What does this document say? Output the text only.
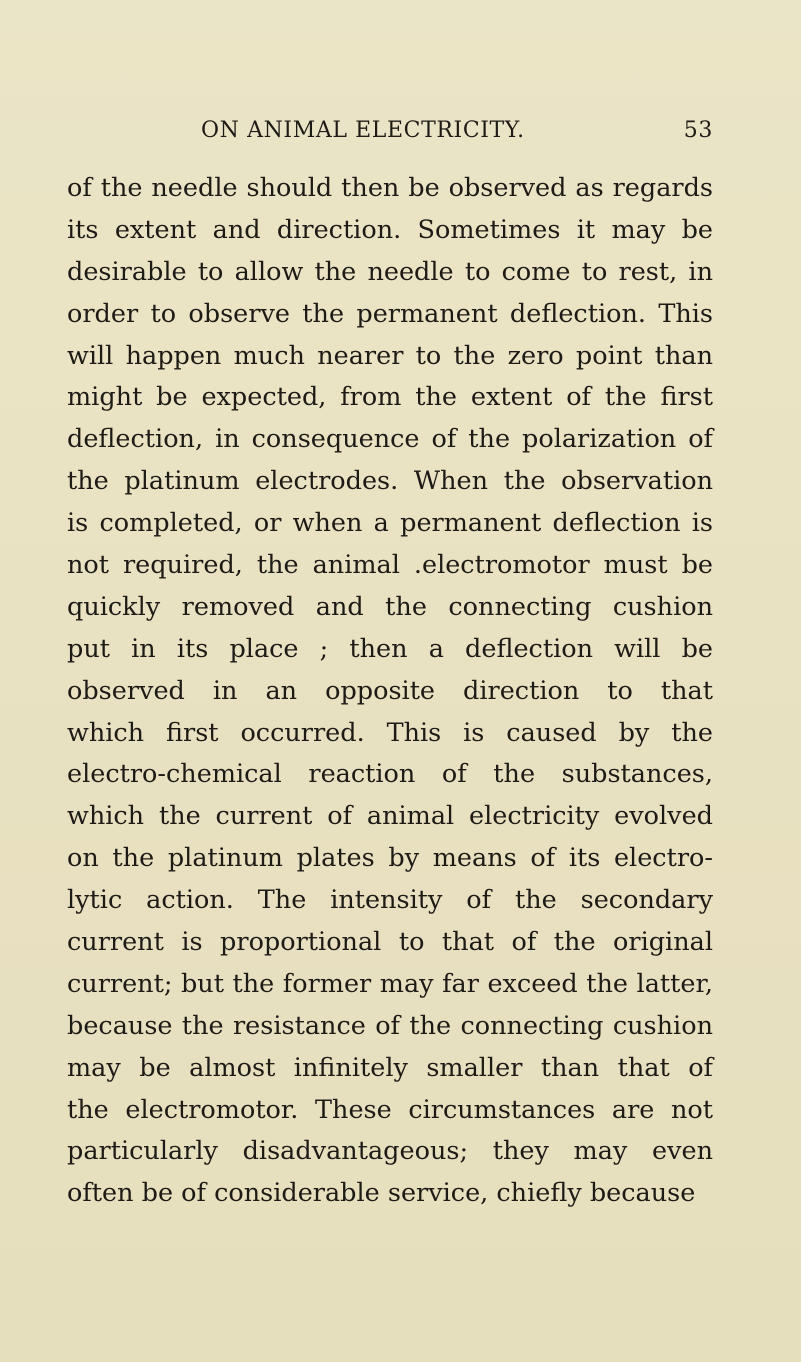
ON ANIMAL ELECTRICITY.	53
of the needle should then be observed as regards
its extent and direction. Sometimes it may be
desirable to allow the needle to come to rest, in
order to observe the permanent deflection. This
will happen much nearer to the zero point than
might be expected, from the extent of the first
deflection, in consequence of the polarization of
the platinum electrodes. When the observation
is completed, or when a permanent deflection is
not required, the animal .electromotor must be
quickly removed and the connecting cushion
put in its place ; then a deflection will be
observed in an opposite direction to that
which first occurred. This is caused by the
electro-chemical reaction of the substances,
which the current of animal electricity evolved
on the platinum plates by means of its electro-
lytic action. The intensity of the secondary
current is proportional to that of the original
current; but the former may far exceed the latter,
because the resistance of the connecting cushion
may be almost infinitely smaller than that of
the electromotor. These circumstances are not
particularly disadvantageous; they may even
often be of considerable service, chiefly because
